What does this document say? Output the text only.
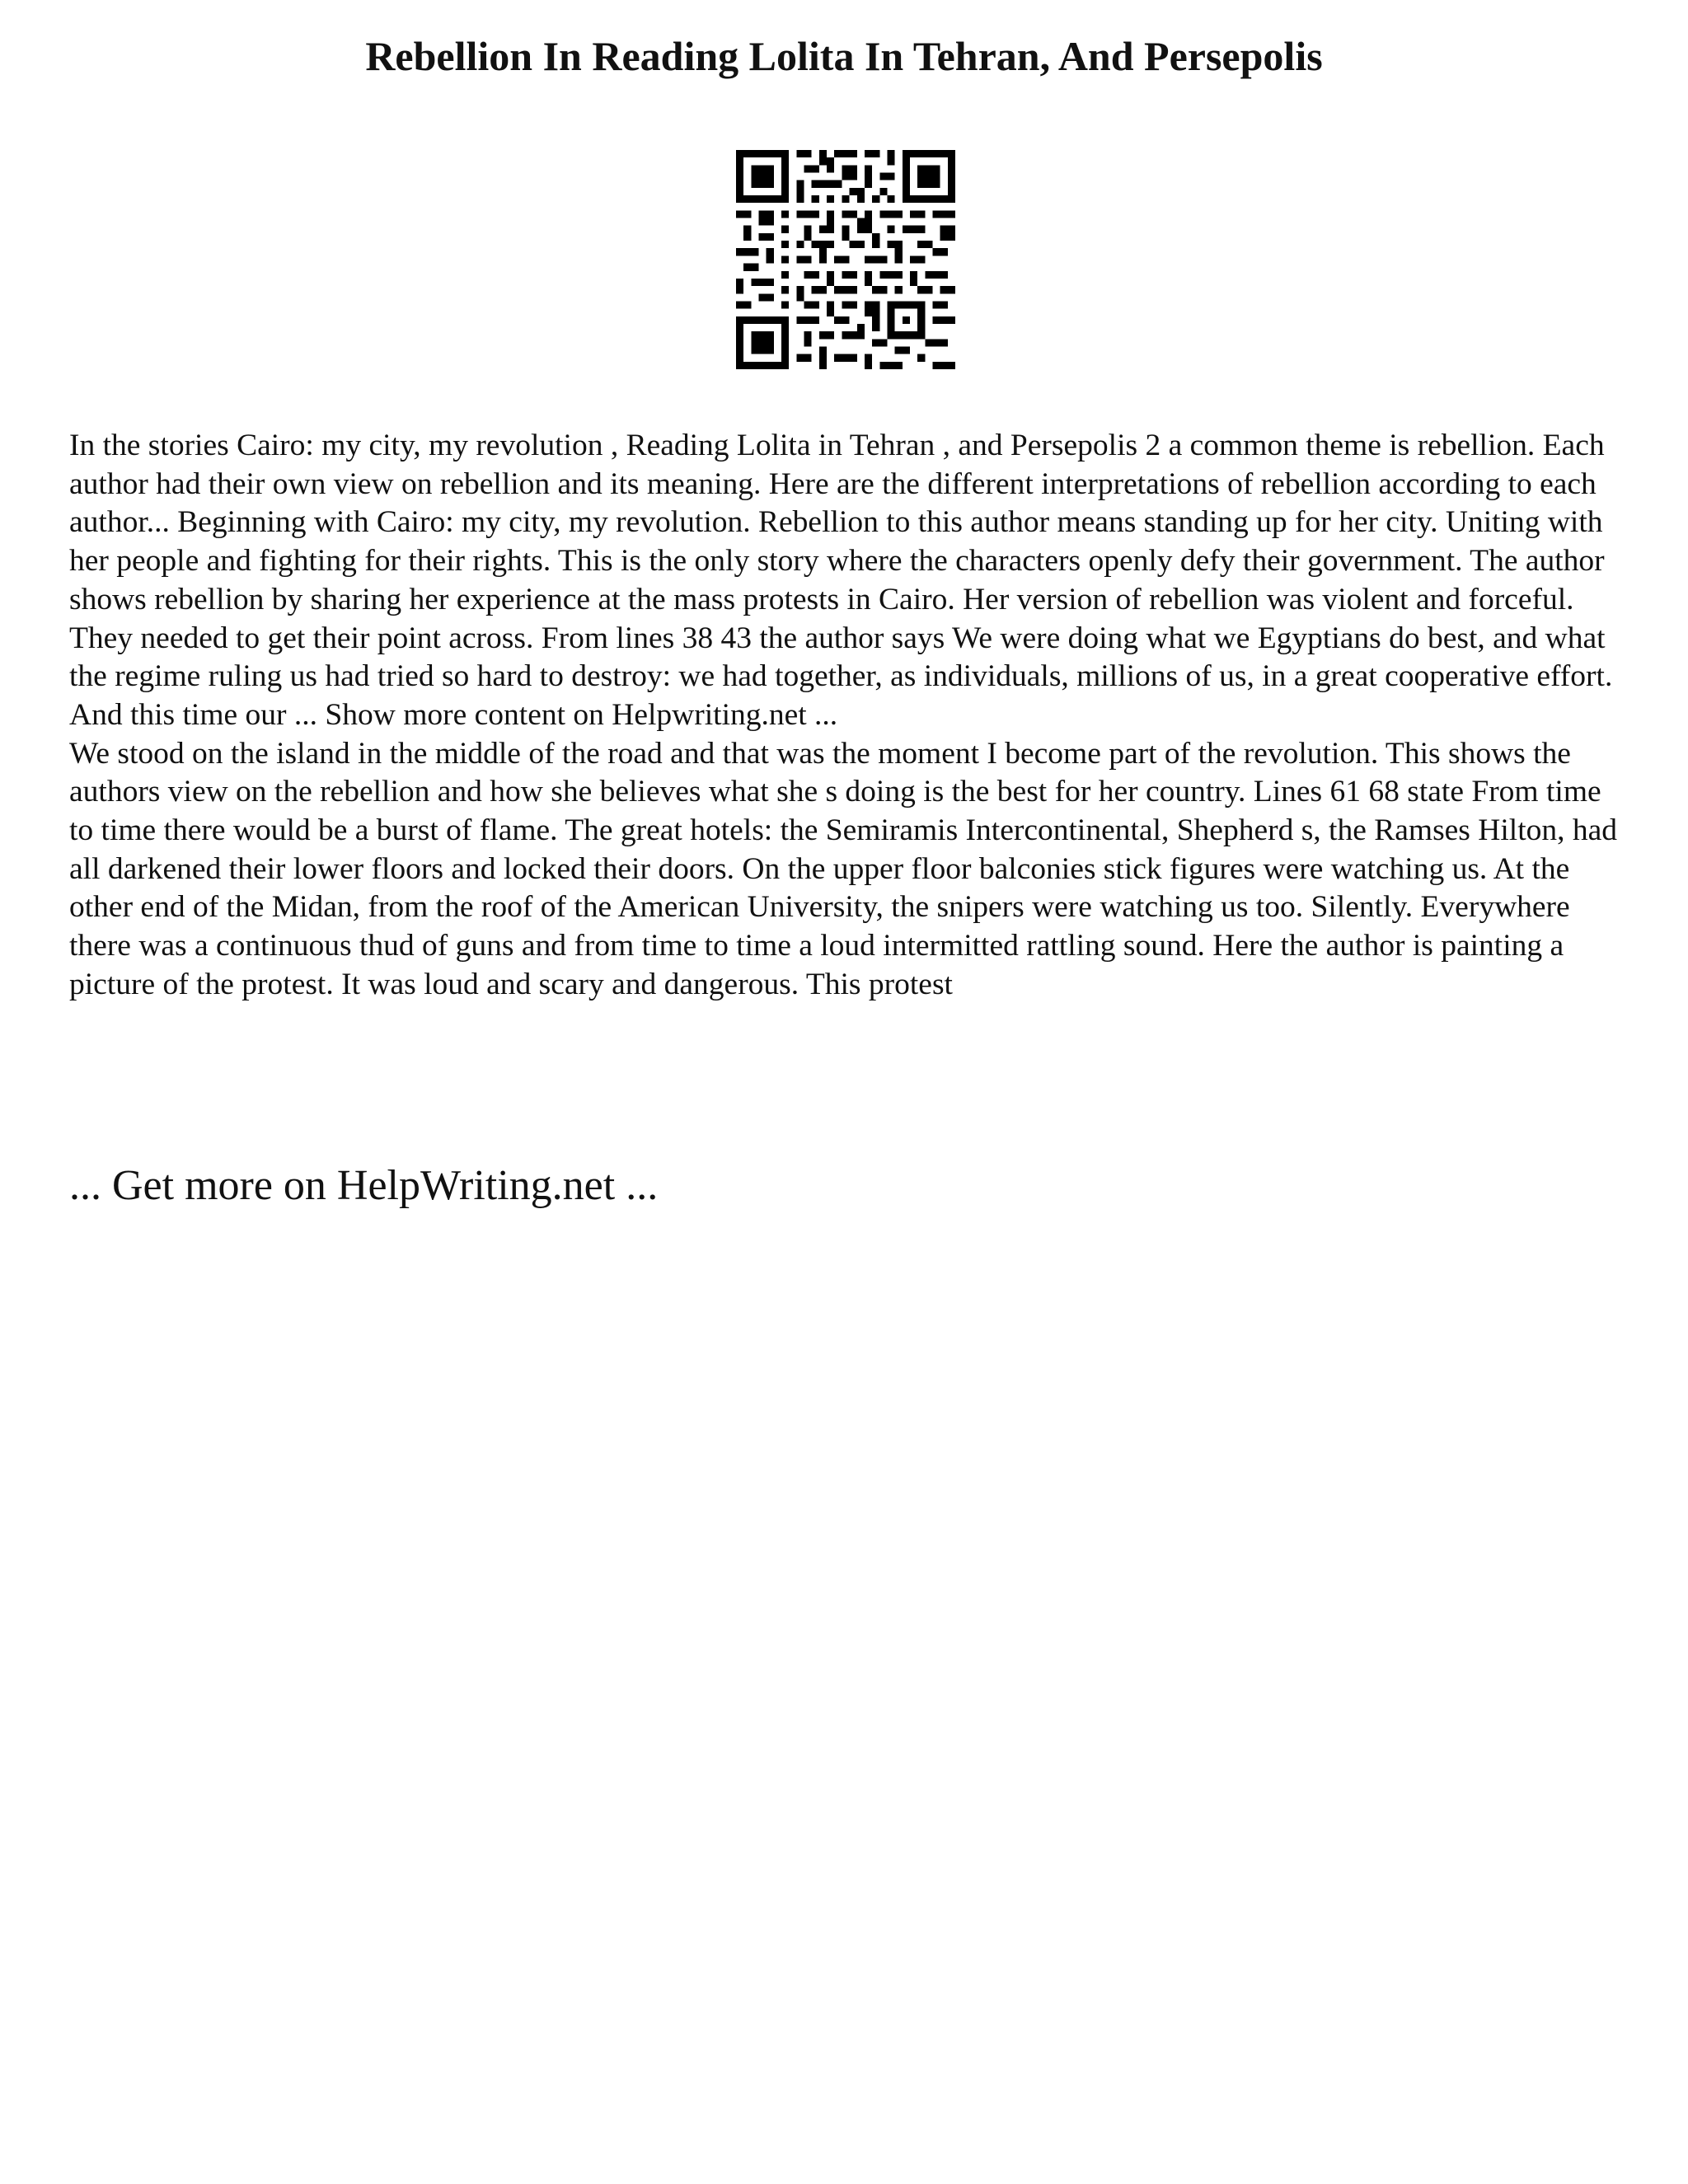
Rebellion In Reading Lolita In Tehran, And Persepolis

In the stories Cairo: my city, my revolution , Reading Lolita in Tehran , and Persepolis 2 a common theme is rebellion. Each author had their own view on rebellion and its meaning. Here are the different interpretations of rebellion according to each author... Beginning with Cairo: my city, my revolution. Rebellion to this author means standing up for her city. Uniting with her people and fighting for their rights. This is the only story where the characters openly defy their government. The author shows rebellion by sharing her experience at the mass protests in Cairo. Her version of rebellion was violent and forceful. They needed to get their point across. From lines 38 43 the author says We were doing what we Egyptians do best, and what the regime ruling us had tried so hard to destroy: we had together, as individuals, millions of us, in a great cooperative effort. And this time our ... Show more content on Helpwriting.net ...

We stood on the island in the middle of the road and that was the moment I become part of the revolution. This shows the authors view on the rebellion and how she believes what she s doing is the best for her country. Lines 61 68 state From time to time there would be a burst of flame. The great hotels: the Semiramis Intercontinental, Shepherd s, the Ramses Hilton, had all darkened their lower floors and locked their doors. On the upper floor balconies stick figures were watching us. At the other end of the Midan, from the roof of the American University, the snipers were watching us too. Silently. Everywhere there was a continuous thud of guns and from time to time a loud intermitted rattling sound. Here the author is painting a picture of the protest. It was loud and scary and dangerous. This protest

... Get more on HelpWriting.net ...
